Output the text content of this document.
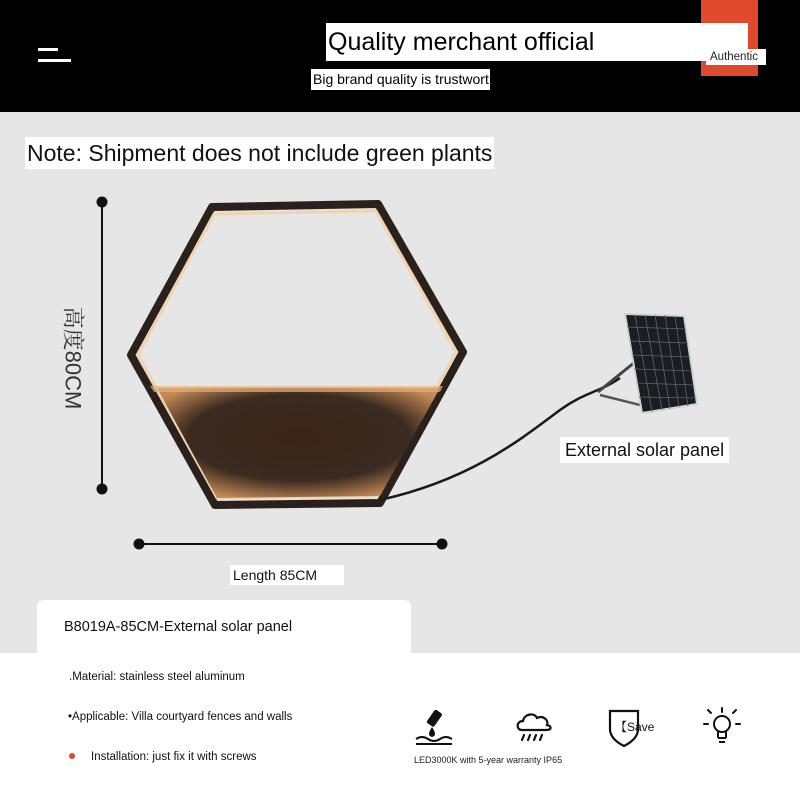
Quality merchant official
Authentic
Big brand quality is trustwort
Note: Shipment does not include green plants
高度80CM
Length 85CM
External solar panel
B8019A-85CM-External solar panel
.Material: stainless steel aluminum
•Applicable: Villa courtyard fences and walls
Installation: just fix it with screws
【Save
LED3000K with 5-year warranty IP65
